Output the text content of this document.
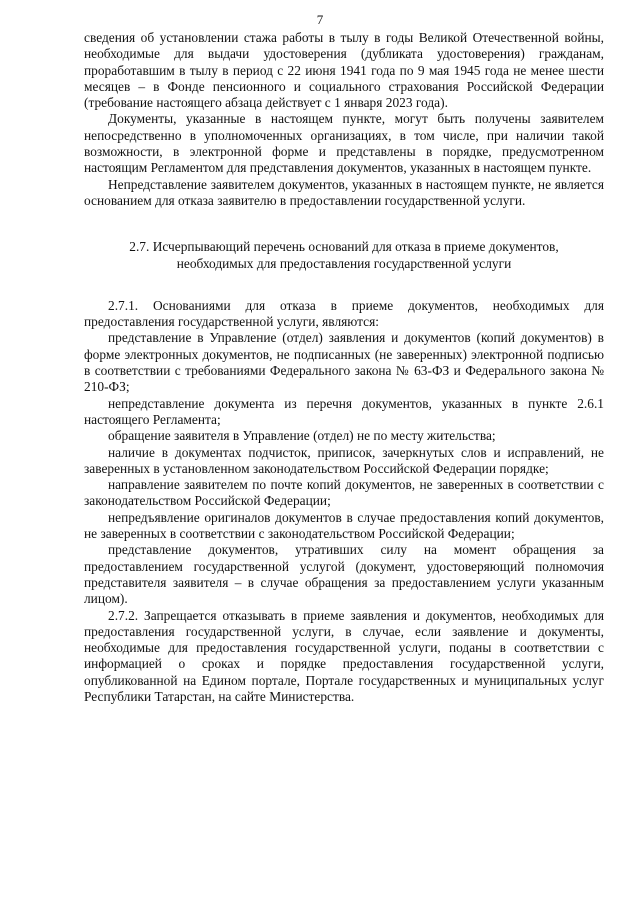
7

сведения об установлении стажа работы в тылу в годы Великой Отечественной войны, необходимые для выдачи удостоверения (дубликата удостоверения) гражданам, проработавшим в тылу в период с 22 июня 1941 года по 9 мая 1945 года не менее шести месяцев – в Фонде пенсионного и социального страхования Российской Федерации (требование настоящего абзаца действует с 1 января 2023 года).

Документы, указанные в настоящем пункте, могут быть получены заявителем непосредственно в уполномоченных организациях, в том числе, при наличии такой возможности, в электронной форме и представлены в порядке, предусмотренном настоящим Регламентом для представления документов, указанных в настоящем пункте.

Непредставление заявителем документов, указанных в настоящем пункте, не является основанием для отказа заявителю в предоставлении государственной услуги.

2.7. Исчерпывающий перечень оснований для отказа в приеме документов, необходимых для предоставления государственной услуги

2.7.1. Основаниями для отказа в приеме документов, необходимых для предоставления государственной услуги, являются:

представление в Управление (отдел) заявления и документов (копий документов) в форме электронных документов, не подписанных (не заверенных) электронной подписью в соответствии с требованиями Федерального закона № 63-ФЗ и Федерального закона № 210-ФЗ;

непредставление документа из перечня документов, указанных в пункте 2.6.1 настоящего Регламента;

обращение заявителя в Управление (отдел) не по месту жительства;

наличие в документах подчисток, приписок, зачеркнутых слов и исправлений, не заверенных в установленном законодательством Российской Федерации порядке;

направление заявителем по почте копий документов, не заверенных в соответствии с законодательством Российской Федерации;

непредъявление оригиналов документов в случае предоставления копий документов, не заверенных в соответствии с законодательством Российской Федерации;

представление документов, утративших силу на момент обращения за предоставлением государственной услугой (документ, удостоверяющий полномочия представителя заявителя – в случае обращения за предоставлением услуги указанным лицом).

2.7.2. Запрещается отказывать в приеме заявления и документов, необходимых для предоставления государственной услуги, в случае, если заявление и документы, необходимые для предоставления государственной услуги, поданы в соответствии с информацией о сроках и порядке предоставления государственной услуги, опубликованной на Едином портале, Портале государственных и муниципальных услуг Республики Татарстан, на сайте Министерства.
